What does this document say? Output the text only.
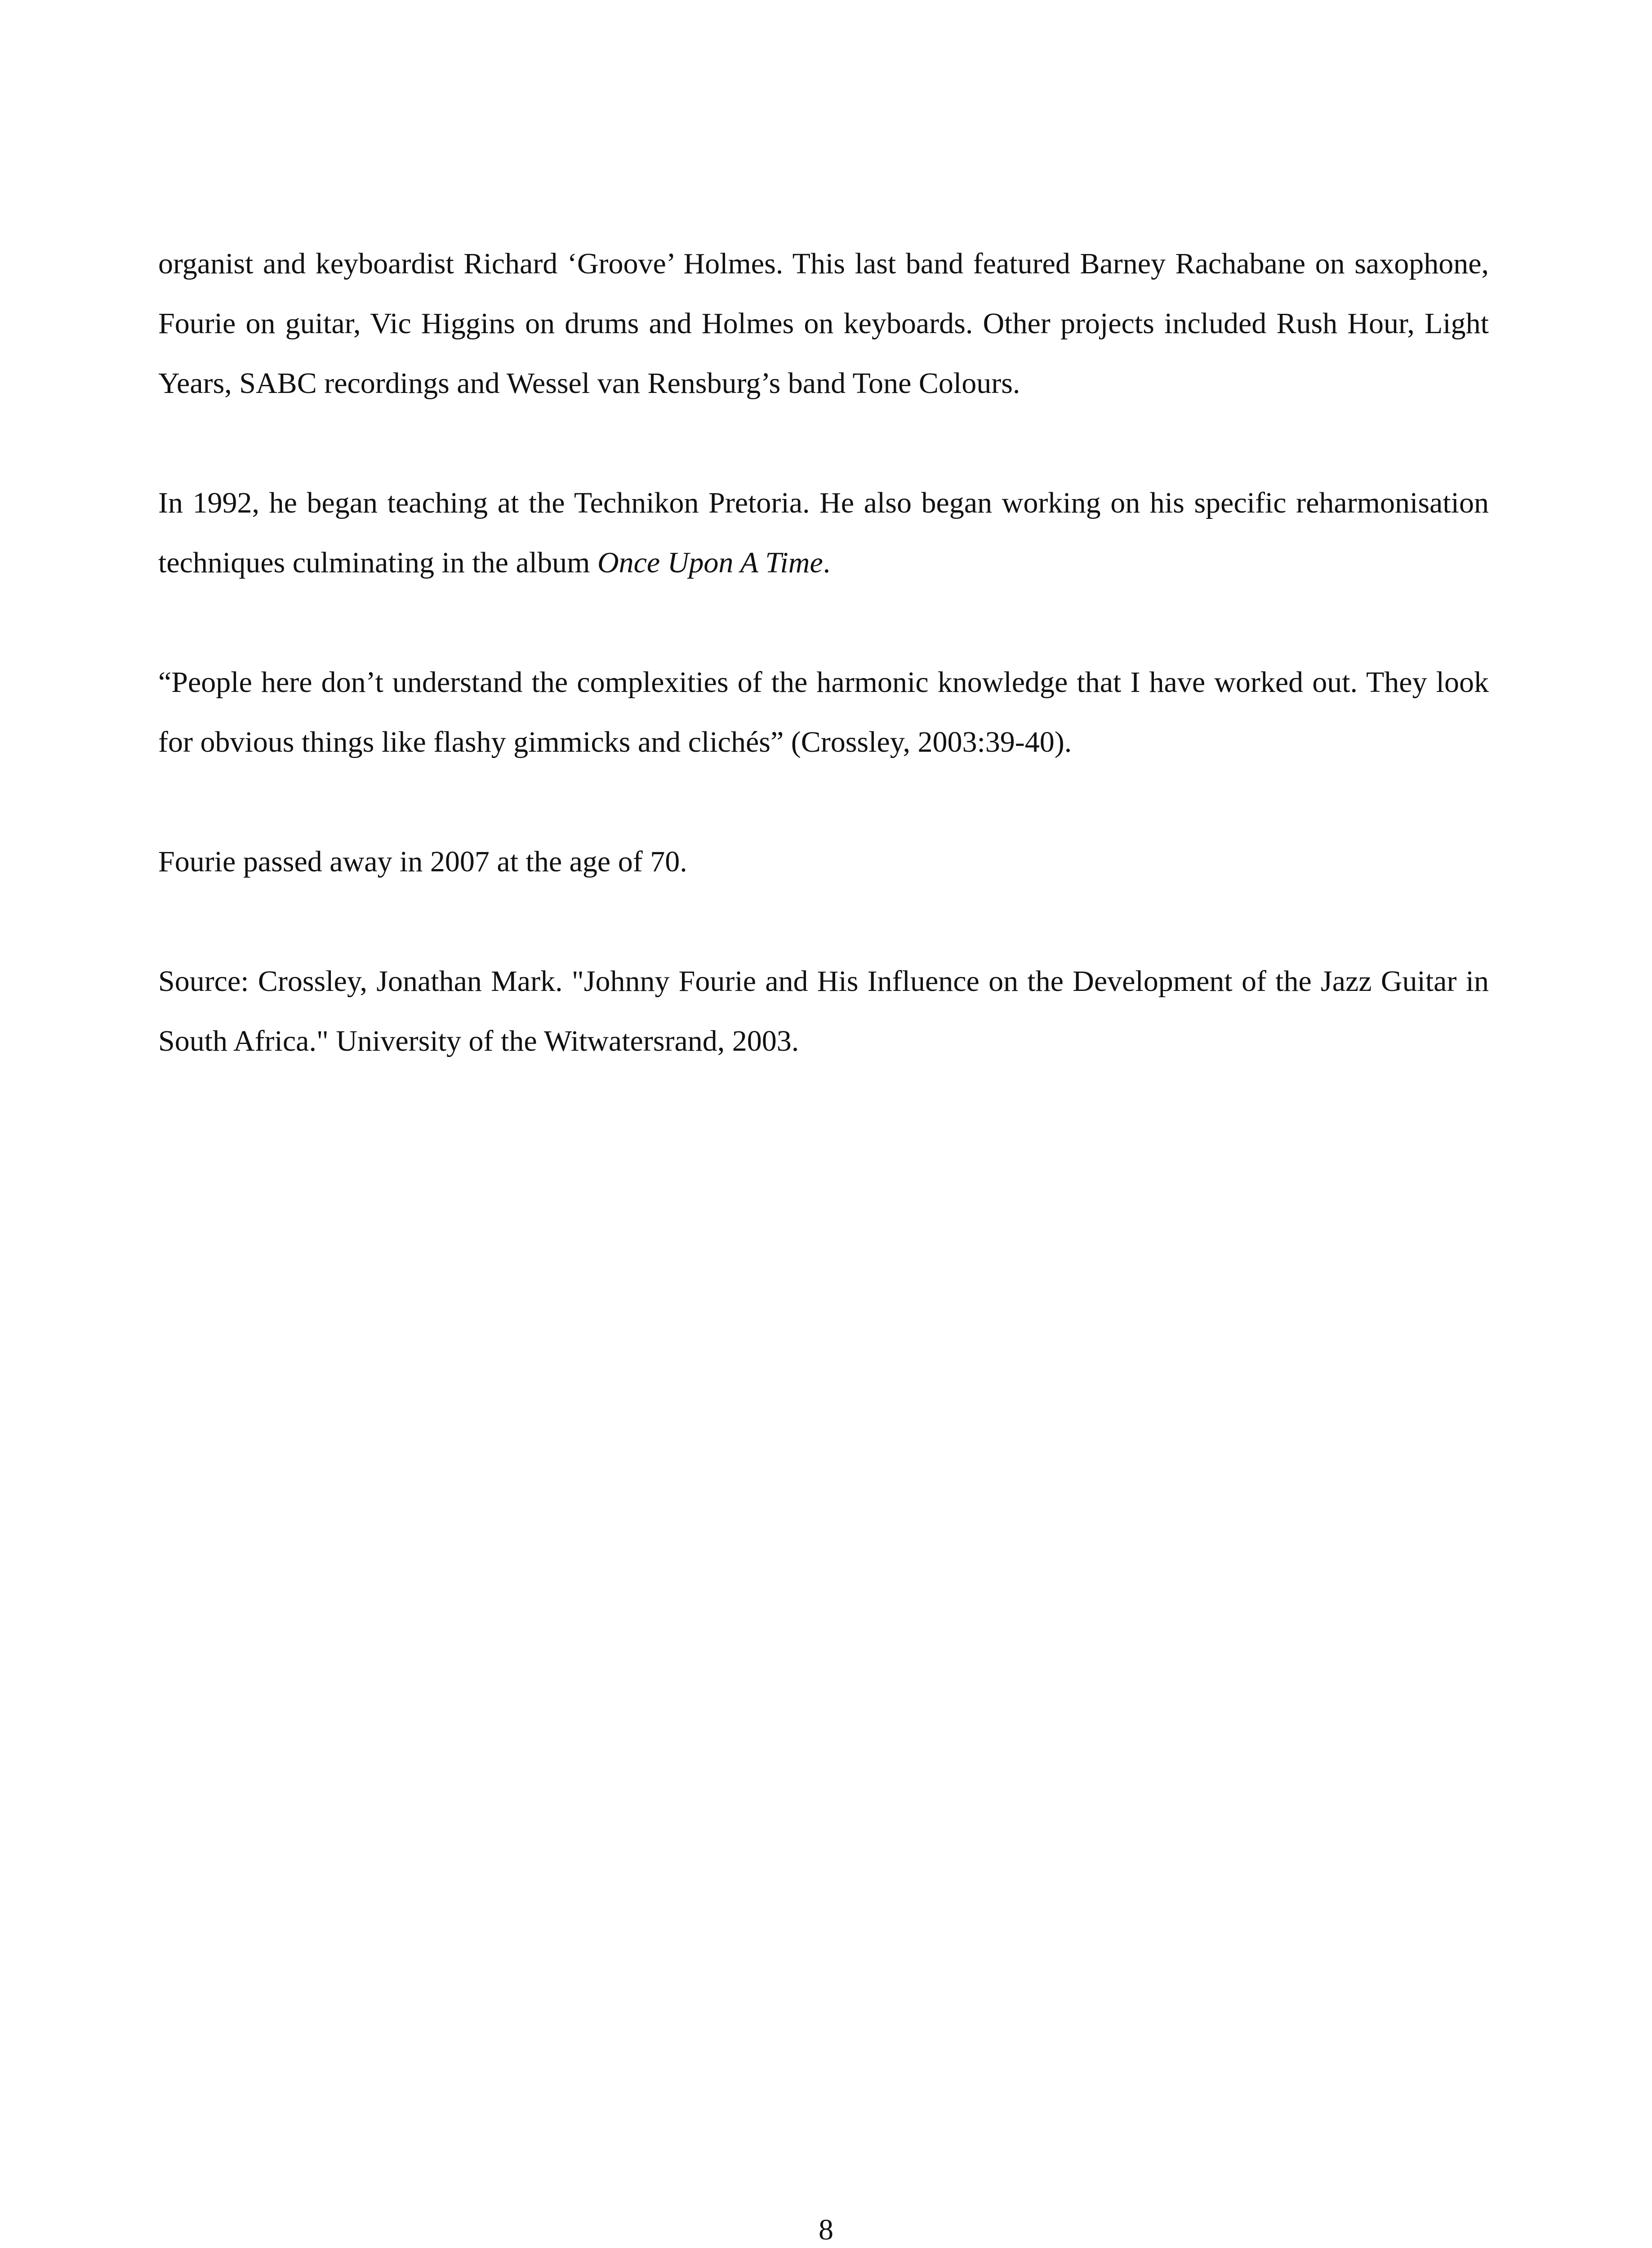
organist and keyboardist Richard ‘Groove’ Holmes. This last band featured Barney Rachabane on saxophone, Fourie on guitar, Vic Higgins on drums and Holmes on keyboards. Other projects included Rush Hour, Light Years, SABC recordings and Wessel van Rensburg’s band Tone Colours.

In 1992, he began teaching at the Technikon Pretoria. He also began working on his specific reharmonisation techniques culminating in the album Once Upon A Time.

“People here don’t understand the complexities of the harmonic knowledge that I have worked out. They look for obvious things like flashy gimmicks and clichés” (Crossley, 2003:39-40).

Fourie passed away in 2007 at the age of 70.

Source: Crossley, Jonathan Mark. "Johnny Fourie and His Influence on the Development of the Jazz Guitar in South Africa." University of the Witwatersrand, 2003.

8
